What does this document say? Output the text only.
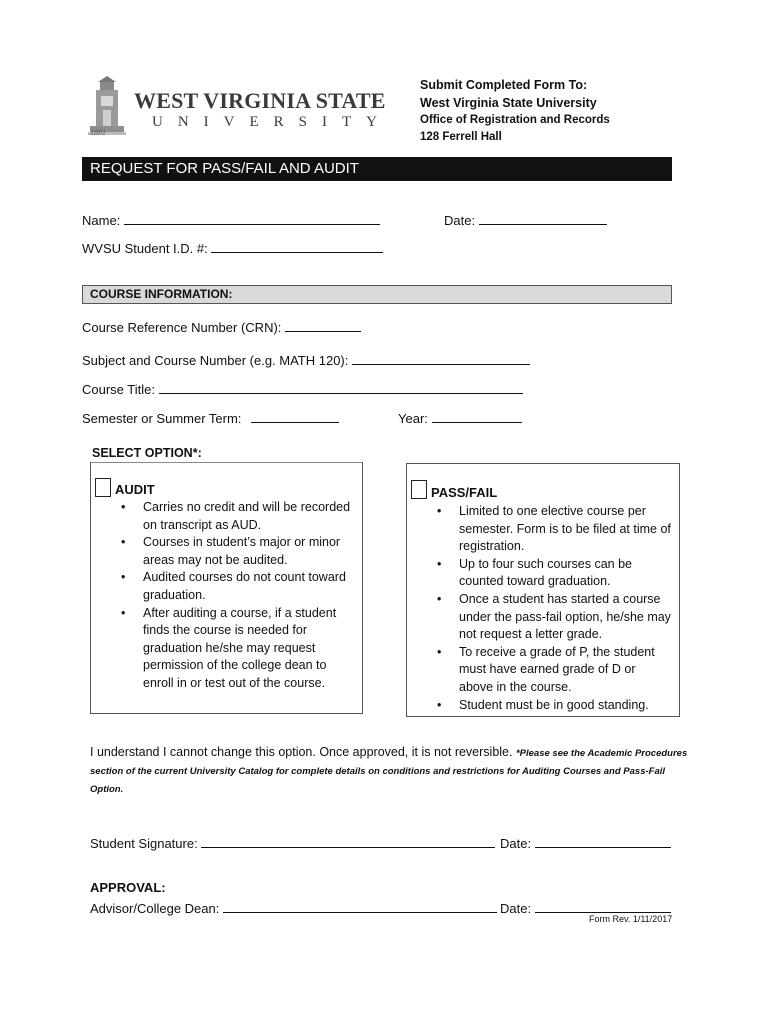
1891
WEST VIRGINIA STATE
UNIVERSITY
Submit Completed Form To:
West Virginia State University
Office of Registration and Records
128 Ferrell Hall
REQUEST FOR PASS/FAIL AND AUDIT
Name:	Date:
WVSU Student I.D. #:
COURSE INFORMATION:
Course Reference Number (CRN):
Subject and Course Number (e.g. MATH 120):
Course Title:
Semester or Summer Term:	Year:
SELECT OPTION*:
AUDIT
• Carries no credit and will be recorded on transcript as AUD.
• Courses in student’s major or minor areas may not be audited.
• Audited courses do not count toward graduation.
• After auditing a course, if a student finds the course is needed for graduation he/she may request permission of the college dean to enroll in or test out of the course.
PASS/FAIL
• Limited to one elective course per semester. Form is to be filed at time of registration.
• Up to four such courses can be counted toward graduation.
• Once a student has started a course under the pass-fail option, he/she may not request a letter grade.
• To receive a grade of P, the student must have earned grade of D or above in the course.
• Student must be in good standing.
I understand I cannot change this option. Once approved, it is not reversible. *Please see the Academic Procedures section of the current University Catalog for complete details on conditions and restrictions for Auditing Courses and Pass-Fail Option.
Student Signature:	Date:
APPROVAL:
Advisor/College Dean:	Date:
Form Rev. 1/11/2017
